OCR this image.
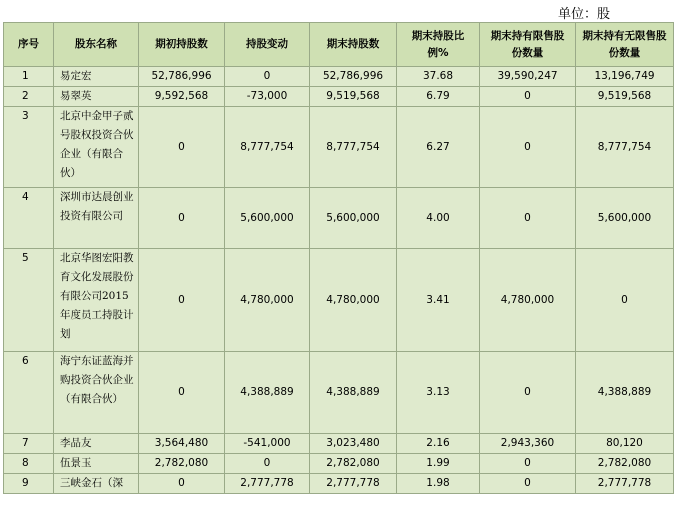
单位：股
序号	股东名称	期初持股数	持股变动	期末持股数	期末持股比例%	期末持有限售股份数量	期末持有无限售股份数量
1	易定宏	52,786,996	0	52,786,996	37.68	39,590,247	13,196,749
2	易翠英	9,592,568	-73,000	9,519,568	6.79	0	9,519,568
3	北京中金甲子贰号股权投资合伙企业（有限合伙）	0	8,777,754	8,777,754	6.27	0	8,777,754
4	深圳市达晨创业投资有限公司	0	5,600,000	5,600,000	4.00	0	5,600,000
5	北京华图宏阳教育文化发展股份有限公司2015年度员工持股计划	0	4,780,000	4,780,000	3.41	4,780,000	0
6	海宁东证蓝海并购投资合伙企业（有限合伙）	0	4,388,889	4,388,889	3.13	0	4,388,889
7	李品友	3,564,480	-541,000	3,023,480	2.16	2,943,360	80,120
8	伍景玉	2,782,080	0	2,782,080	1.99	0	2,782,080
9	三峡金石（深	0	2,777,778	2,777,778	1.98	0	2,777,778
